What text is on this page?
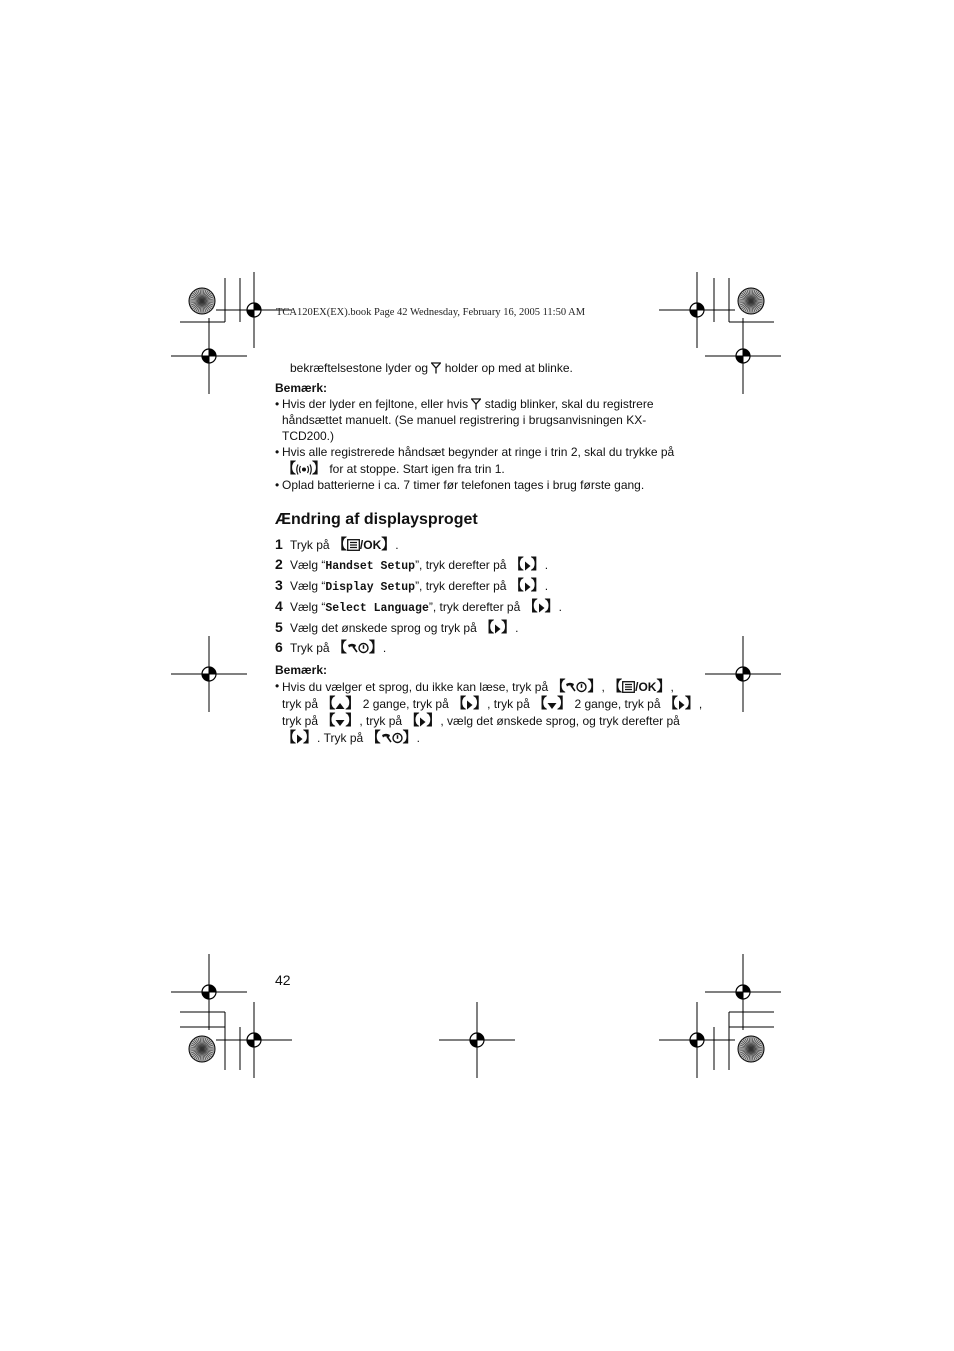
TCA120EX(EX).book Page 42 Wednesday, February 16, 2005 11:50 AM
bekræftelsestone lyder og  holder op med at blinke.
Bemærk:
• Hvis der lyder en fejltone, eller hvis  stadig blinker, skal du registrere
håndsættet manuelt. (Se manuel registrering i brugsanvisningen KX-
TCD200.)
• Hvis alle registrerede håndsæt begynder at ringe i trin 2, skal du trykke på
【 】 for at stoppe. Start igen fra trin 1.
• Oplad batterierne i ca. 7 timer før telefonen tages i brug første gang.
Ændring af displaysproget
1 Tryk på 【 /OK】.
2 Vælg “Handset Setup”, tryk derefter på 【 】.
3 Vælg “Display Setup”, tryk derefter på 【 】.
4 Vælg “Select Language”, tryk derefter på 【 】.
5 Vælg det ønskede sprog og tryk på 【 】.
6 Tryk på 【 】.
Bemærk:
• Hvis du vælger et sprog, du ikke kan læse, tryk på 【 】, 【 /OK】,
tryk på 【 】 2 gange, tryk på 【 】, tryk på 【 】 2 gange, tryk på 【 】,
tryk på 【 】, tryk på 【 】, vælg det ønskede sprog, og tryk derefter på
【 】. Tryk på 【 】.
42
